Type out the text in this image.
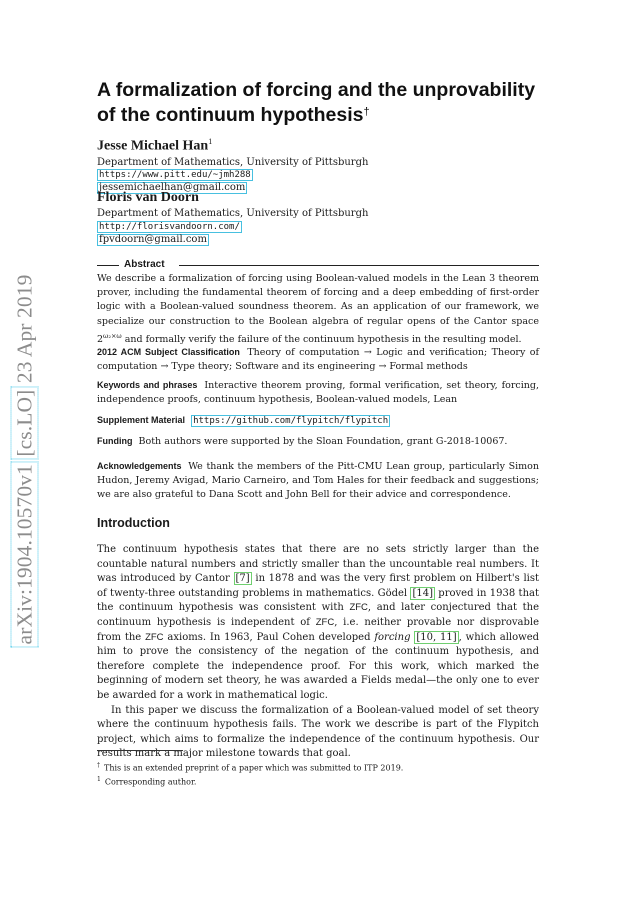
arXiv:1904.10570v1 [cs.LO] 23 Apr 2019
A formalization of forcing and the unprovability of the continuum hypothesis†
Jesse Michael Han$^1$
Department of Mathematics, University of Pittsburgh
https://www.pitt.edu/~jmh288
jessemichaelhan@gmail.com
Floris van Doorn
Department of Mathematics, University of Pittsburgh
http://florisvandoorn.com/
fpvdoorn@gmail.com
Abstract
We describe a formalization of forcing using Boolean-valued models in the Lean 3 theorem prover, including the fundamental theorem of forcing and a deep embedding of first-order logic with a Boolean-valued soundness theorem. As an application of our framework, we specialize our construction to the Boolean algebra of regular opens of the Cantor space $2^{\omega_2\times\omega}$ and formally verify the failure of the continuum hypothesis in the resulting model.
2012 ACM Subject Classification Theory of computation → Logic and verification; Theory of computation → Type theory; Software and its engineering → Formal methods
Keywords and phrases Interactive theorem proving, formal verification, set theory, forcing, independence proofs, continuum hypothesis, Boolean-valued models, Lean
Supplement Material https://github.com/flypitch/flypitch
Funding Both authors were supported by the Sloan Foundation, grant G-2018-10067.
Acknowledgements We thank the members of the Pitt-CMU Lean group, particularly Simon Hudon, Jeremy Avigad, Mario Carneiro, and Tom Hales for their feedback and suggestions; we are also grateful to Dana Scott and John Bell for their advice and correspondence.
Introduction

The continuum hypothesis states that there are no sets strictly larger than the countable natural numbers and strictly smaller than the uncountable real numbers. It was introduced by Cantor [7] in 1878 and was the very first problem on Hilbert's list of twenty-three outstanding problems in mathematics. Gödel [14] proved in 1938 that the continuum hypothesis was consistent with ZFC, and later conjectured that the continuum hypothesis is independent of ZFC, i.e. neither provable nor disprovable from the ZFC axioms. In 1963, Paul Cohen developed forcing [10, 11] , which allowed him to prove the consistency of the negation of the continuum hypothesis, and therefore complete the independence proof. For this work, which marked the beginning of modern set theory, he was awarded a Fields medal—the only one to ever be awarded for a work in mathematical logic.

In this paper we discuss the formalization of a Boolean-valued model of set theory where the continuum hypothesis fails. The work we describe is part of the Flypitch project, which aims to formalize the independence of the continuum hypothesis. Our results mark a major milestone towards that goal.

† This is an extended preprint of a paper which was submitted to ITP 2019.
$^1$ Corresponding author.
